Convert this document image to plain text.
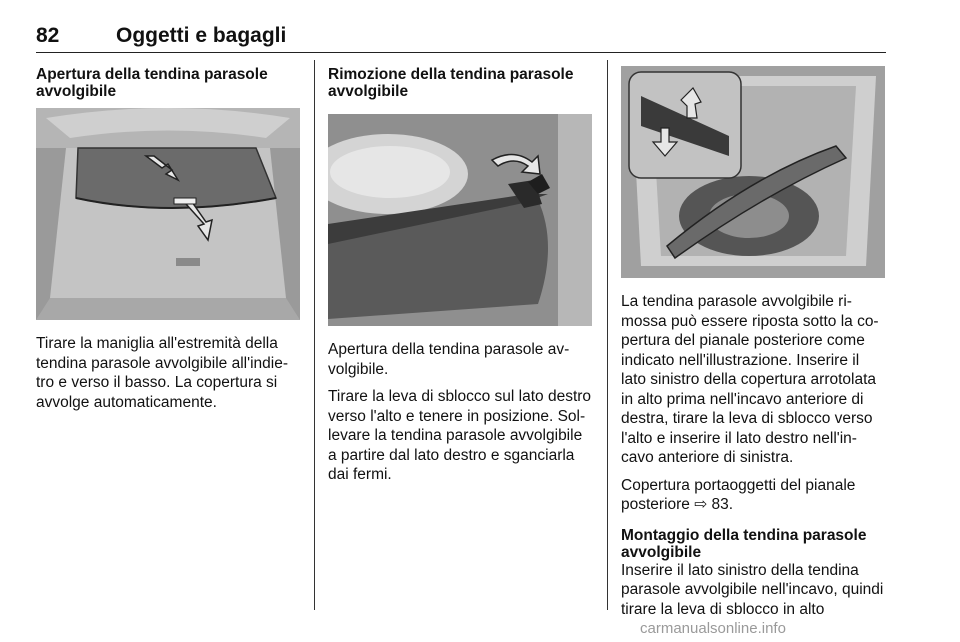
82	Oggetti e bagagli
Apertura della tendina parasole avvolgibile

Tirare la maniglia all'estremità della tendina parasole avvolgibile all'indie-tro e verso il basso. La copertura si avvolge automaticamente.

Rimozione della tendina parasole avvolgibile

Apertura della tendina parasole av-volgibile.

Tirare la leva di sblocco sul lato destro verso l'alto e tenere in posizione. Sol-levare la tendina parasole avvolgibile a partire dal lato destro e sganciarla dai fermi.

La tendina parasole avvolgibile ri-mossa può essere riposta sotto la co-pertura del pianale posteriore come indicato nell'illustrazione. Inserire il lato sinistro della copertura arrotolata in alto prima nell'incavo anteriore di destra, tirare la leva di sblocco verso l'alto e inserire il lato destro nell'in-cavo anteriore di sinistra.

Copertura portaoggetti del pianale posteriore ⇨ 83.

Montaggio della tendina parasole avvolgibile

Inserire il lato sinistro della tendina parasole avvolgibile nell'incavo, quindi tirare la leva di sblocco in alto

carmanualsonline.info
